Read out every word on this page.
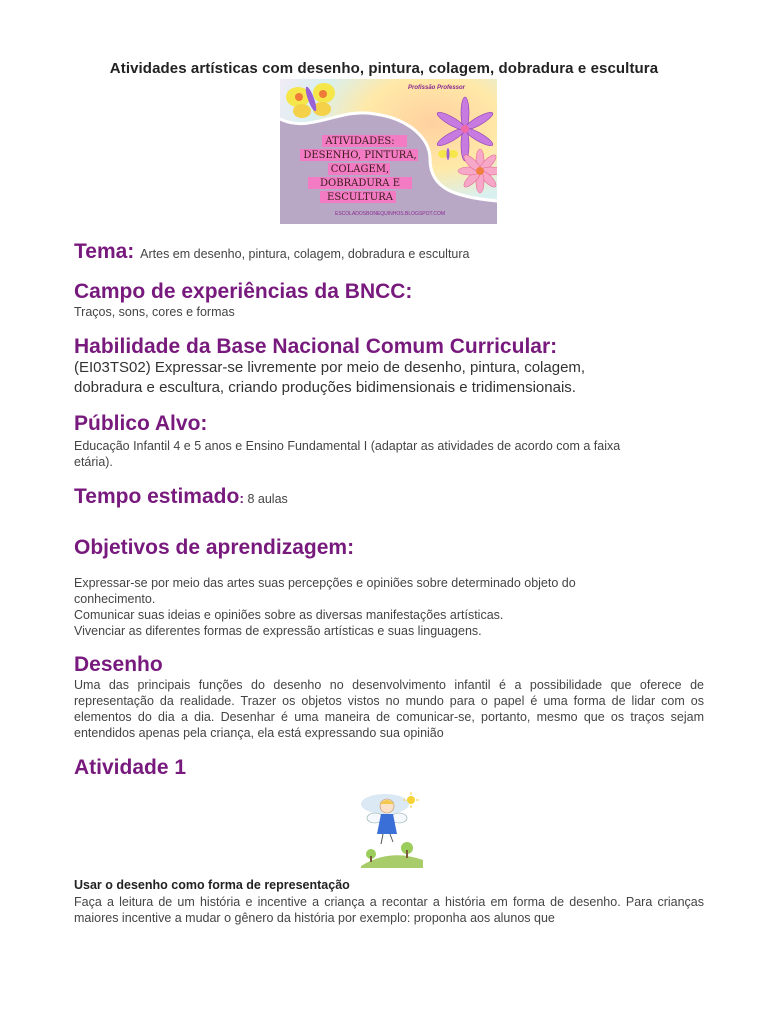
Atividades artísticas com desenho, pintura, colagem, dobradura e escultura
Profissão Professor
ATIVIDADES:
DESENHO, PINTURA,
COLAGEM,
DOBRADURA E
ESCULTURA
ESCOLADOSBONEQUINHOS.BLOGSPOT.COM
Tema: Artes em desenho, pintura, colagem, dobradura e escultura
Campo de experiências da BNCC:
Traços, sons, cores e formas
Habilidade da Base Nacional Comum Curricular:
(EI03TS02) Expressar-se livremente por meio de desenho, pintura, colagem,
dobradura e escultura, criando produções bidimensionais e tridimensionais.
Público Alvo:
Educação Infantil 4 e 5 anos e Ensino Fundamental I (adaptar as atividades de acordo com a faixa
etária).
Tempo estimado: 8 aulas
Objetivos de aprendizagem:
Expressar-se por meio das artes suas percepções e opiniões sobre determinado objeto do
conhecimento.
Comunicar suas ideias e opiniões sobre as diversas manifestações artísticas.
Vivenciar as diferentes formas de expressão artísticas e suas linguagens.
Desenho
Uma das principais funções do desenho no desenvolvimento infantil é a possibilidade que oferece de representação da realidade. Trazer os objetos vistos no mundo para o papel é uma forma de lidar com os elementos do dia a dia. Desenhar é uma maneira de comunicar-se, portanto, mesmo que os traços sejam entendidos apenas pela criança, ela está expressando sua opinião
Atividade 1
Usar o desenho como forma de representação
Faça a leitura de um história e incentive a criança a recontar a história em forma de desenho. Para crianças maiores incentive a mudar o gênero da história por exemplo: proponha aos alunos que
